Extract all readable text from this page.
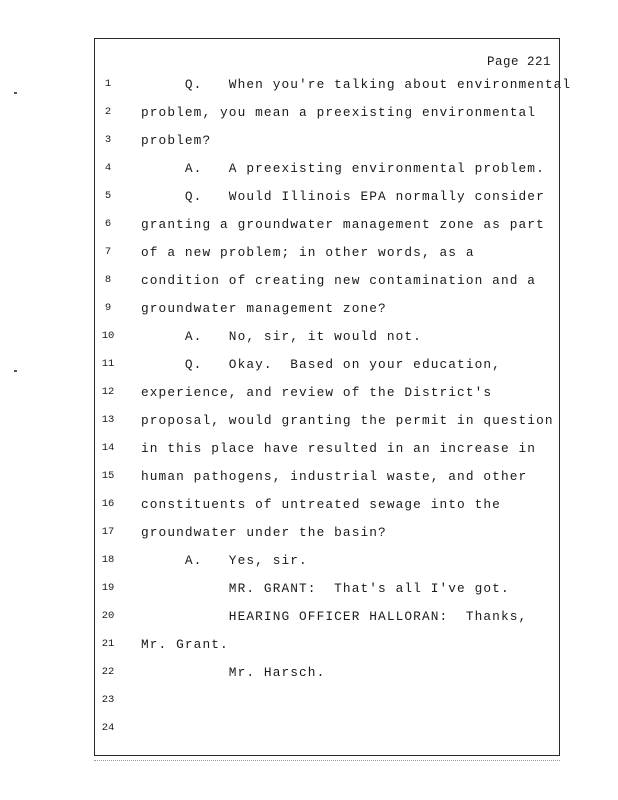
Page 221
1	Q.   When you're talking about environmental
2	problem, you mean a preexisting environmental
3	problem?
4	A.   A preexisting environmental problem.
5	Q.   Would Illinois EPA normally consider
6	granting a groundwater management zone as part
7	of a new problem; in other words, as a
8	condition of creating new contamination and a
9	groundwater management zone?
10	A.   No, sir, it would not.
11	Q.   Okay.  Based on your education,
12	experience, and review of the District's
13	proposal, would granting the permit in question
14	in this place have resulted in an increase in
15	human pathogens, industrial waste, and other
16	constituents of untreated sewage into the
17	groundwater under the basin?
18	A.   Yes, sir.
19	MR. GRANT:  That's all I've got.
20	HEARING OFFICER HALLORAN:  Thanks,
21	Mr. Grant.
22	Mr. Harsch.
23
24
